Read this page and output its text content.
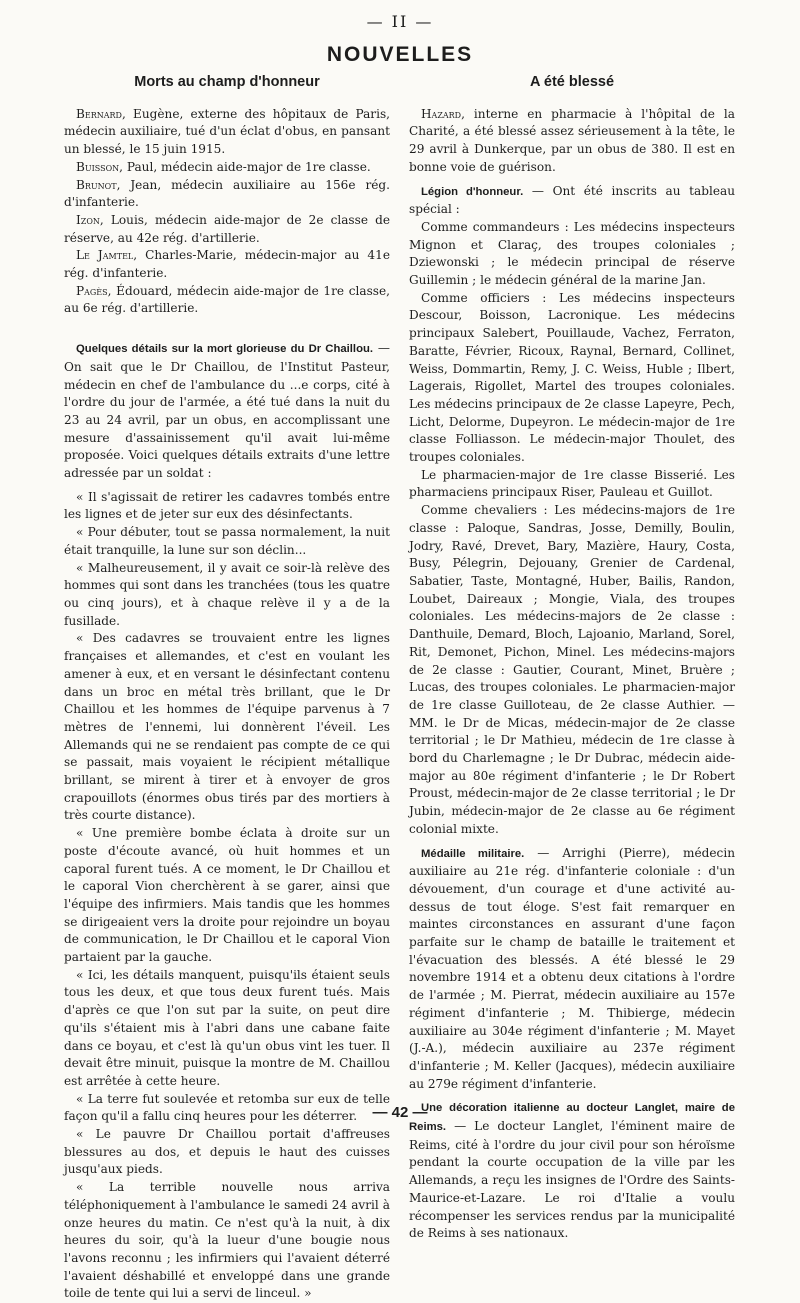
— II —
NOUVELLES
Morts au champ d'honneur

Bernard, Eugène, externe des hôpitaux de Paris, médecin auxiliaire, tué d'un éclat d'obus, en pansant un blessé, le 15 juin 1915.

Buisson, Paul, médecin aide-major de 1re classe.

Brunot, Jean, médecin auxiliaire au 156e rég. d'infanterie.

Izon, Louis, médecin aide-major de 2e classe de réserve, au 42e rég. d'artillerie.

Le Jamtel, Charles-Marie, médecin-major au 41e rég. d'infanterie.

Pagès, Édouard, médecin aide-major de 1re classe, au 6e rég. d'artillerie.

Quelques détails sur la mort glorieuse du Dr Chaillou. — On sait que le Dr Chaillou, de l'Institut Pasteur, médecin en chef de l'ambulance du ...e corps, cité à l'ordre du jour de l'armée, a été tué dans la nuit du 23 au 24 avril, par un obus, en accomplissant une mesure d'assainissement qu'il avait lui-même proposée. Voici quelques détails extraits d'une lettre adressée par un soldat :

« Il s'agissait de retirer les cadavres tombés entre les lignes et de jeter sur eux des désinfectants.

« Pour débuter, tout se passa normalement, la nuit était tranquille, la lune sur son déclin...

« Malheureusement, il y avait ce soir-là relève des hommes qui sont dans les tranchées (tous les quatre ou cinq jours), et à chaque relève il y a de la fusillade.

« Des cadavres se trouvaient entre les lignes françaises et allemandes, et c'est en voulant les amener à eux, et en versant le désinfectant contenu dans un broc en métal très brillant, que le Dr Chaillou et les hommes de l'équipe parvenus à 7 mètres de l'ennemi, lui donnèrent l'éveil. Les Allemands qui ne se rendaient pas compte de ce qui se passait, mais voyaient le récipient métallique brillant, se mirent à tirer et à envoyer de gros crapouillots (énormes obus tirés par des mortiers à très courte distance).

« Une première bombe éclata à droite sur un poste d'écoute avancé, où huit hommes et un caporal furent tués. A ce moment, le Dr Chaillou et le caporal Vion cherchèrent à se garer, ainsi que l'équipe des infirmiers. Mais tandis que les hommes se dirigeaient vers la droite pour rejoindre un boyau de communication, le Dr Chaillou et le caporal Vion partaient par la gauche.

« Ici, les détails manquent, puisqu'ils étaient seuls tous les deux, et que tous deux furent tués. Mais d'après ce que l'on sut par la suite, on peut dire qu'ils s'étaient mis à l'abri dans une cabane faite dans ce boyau, et c'est là qu'un obus vint les tuer. Il devait être minuit, puisque la montre de M. Chaillou est arrêtée à cette heure.

« La terre fut soulevée et retomba sur eux de telle façon qu'il a fallu cinq heures pour les déterrer.

« Le pauvre Dr Chaillou portait d'affreuses blessures au dos, et depuis le haut des cuisses jusqu'aux pieds.

« La terrible nouvelle nous arriva téléphoniquement à l'ambulance le samedi 24 avril à onze heures du matin. Ce n'est qu'à la nuit, à dix heures du soir, qu'à la lueur d'une bougie nous l'avons reconnu ; les infirmiers qui l'avaient déterré l'avaient déshabillé et enveloppé dans une grande toile de tente qui lui a servi de linceul. »

A été blessé

Hazard, interne en pharmacie à l'hôpital de la Charité, a été blessé assez sérieusement à la tête, le 29 avril à Dunkerque, par un obus de 380. Il est en bonne voie de guérison.

Légion d'honneur. — Ont été inscrits au tableau spécial :

Comme commandeurs : Les médecins inspecteurs Mignon et Claraç, des troupes coloniales ; Dziewonski ; le médecin principal de réserve Guillemin ; le médecin général de la marine Jan.

Comme officiers : Les médecins inspecteurs Descour, Boisson, Lacronique. Les médecins principaux Salebert, Pouillaude, Vachez, Ferraton, Baratte, Février, Ricoux, Raynal, Bernard, Collinet, Weiss, Dommartin, Remy, J. C. Weiss, Huble ; Ilbert, Lagerais, Rigollet, Martel des troupes coloniales. Les médecins principaux de 2e classe Lapeyre, Pech, Licht, Delorme, Dupeyron. Le médecin-major de 1re classe Folliasson. Le médecin-major Thoulet, des troupes coloniales.

Le pharmacien-major de 1re classe Bisserié. Les pharmaciens principaux Riser, Pauleau et Guillot.

Comme chevaliers : Les médecins-majors de 1re classe : Paloque, Sandras, Josse, Demilly, Boulin, Jodry, Ravé, Drevet, Bary, Mazière, Haury, Costa, Busy, Pélegrin, Dejouany, Grenier de Cardenal, Sabatier, Taste, Montagné, Huber, Bailis, Randon, Loubet, Daireaux ; Mongie, Viala, des troupes coloniales. Les médecins-majors de 2e classe : Danthuile, Demard, Bloch, Lajoanio, Marland, Sorel, Rit, Demonet, Pichon, Minel. Les médecins-majors de 2e classe : Gautier, Courant, Minet, Bruère ; Lucas, des troupes coloniales. Le pharmacien-major de 1re classe Guilloteau, de 2e classe Authier. — MM. le Dr de Micas, médecin-major de 2e classe territorial ; le Dr Mathieu, médecin de 1re classe à bord du Charlemagne ; le Dr Dubrac, médecin aide-major au 80e régiment d'infanterie ; le Dr Robert Proust, médecin-major de 2e classe territorial ; le Dr Jubin, médecin-major de 2e classe au 6e régiment colonial mixte.

Médaille militaire. — Arrighi (Pierre), médecin auxiliaire au 21e rég. d'infanterie coloniale : d'un dévouement, d'un courage et d'une activité au-dessus de tout éloge. S'est fait remarquer en maintes circonstances en assurant d'une façon parfaite sur le champ de bataille le traitement et l'évacuation des blessés. A été blessé le 29 novembre 1914 et a obtenu deux citations à l'ordre de l'armée ; M. Pierrat, médecin auxiliaire au 157e régiment d'infanterie ; M. Thibierge, médecin auxiliaire au 304e régiment d'infanterie ; M. Mayet (J.-A.), médecin auxiliaire au 237e régiment d'infanterie ; M. Keller (Jacques), médecin auxiliaire au 279e régiment d'infanterie.

Une décoration italienne au docteur Langlet, maire de Reims. — Le docteur Langlet, l'éminent maire de Reims, cité à l'ordre du jour civil pour son héroïsme pendant la courte occupation de la ville par les Allemands, a reçu les insignes de l'Ordre des Saints-Maurice-et-Lazare. Le roi d'Italie a voulu récompenser les services rendus par la municipalité de Reims à ses nationaux.

— 42 —
